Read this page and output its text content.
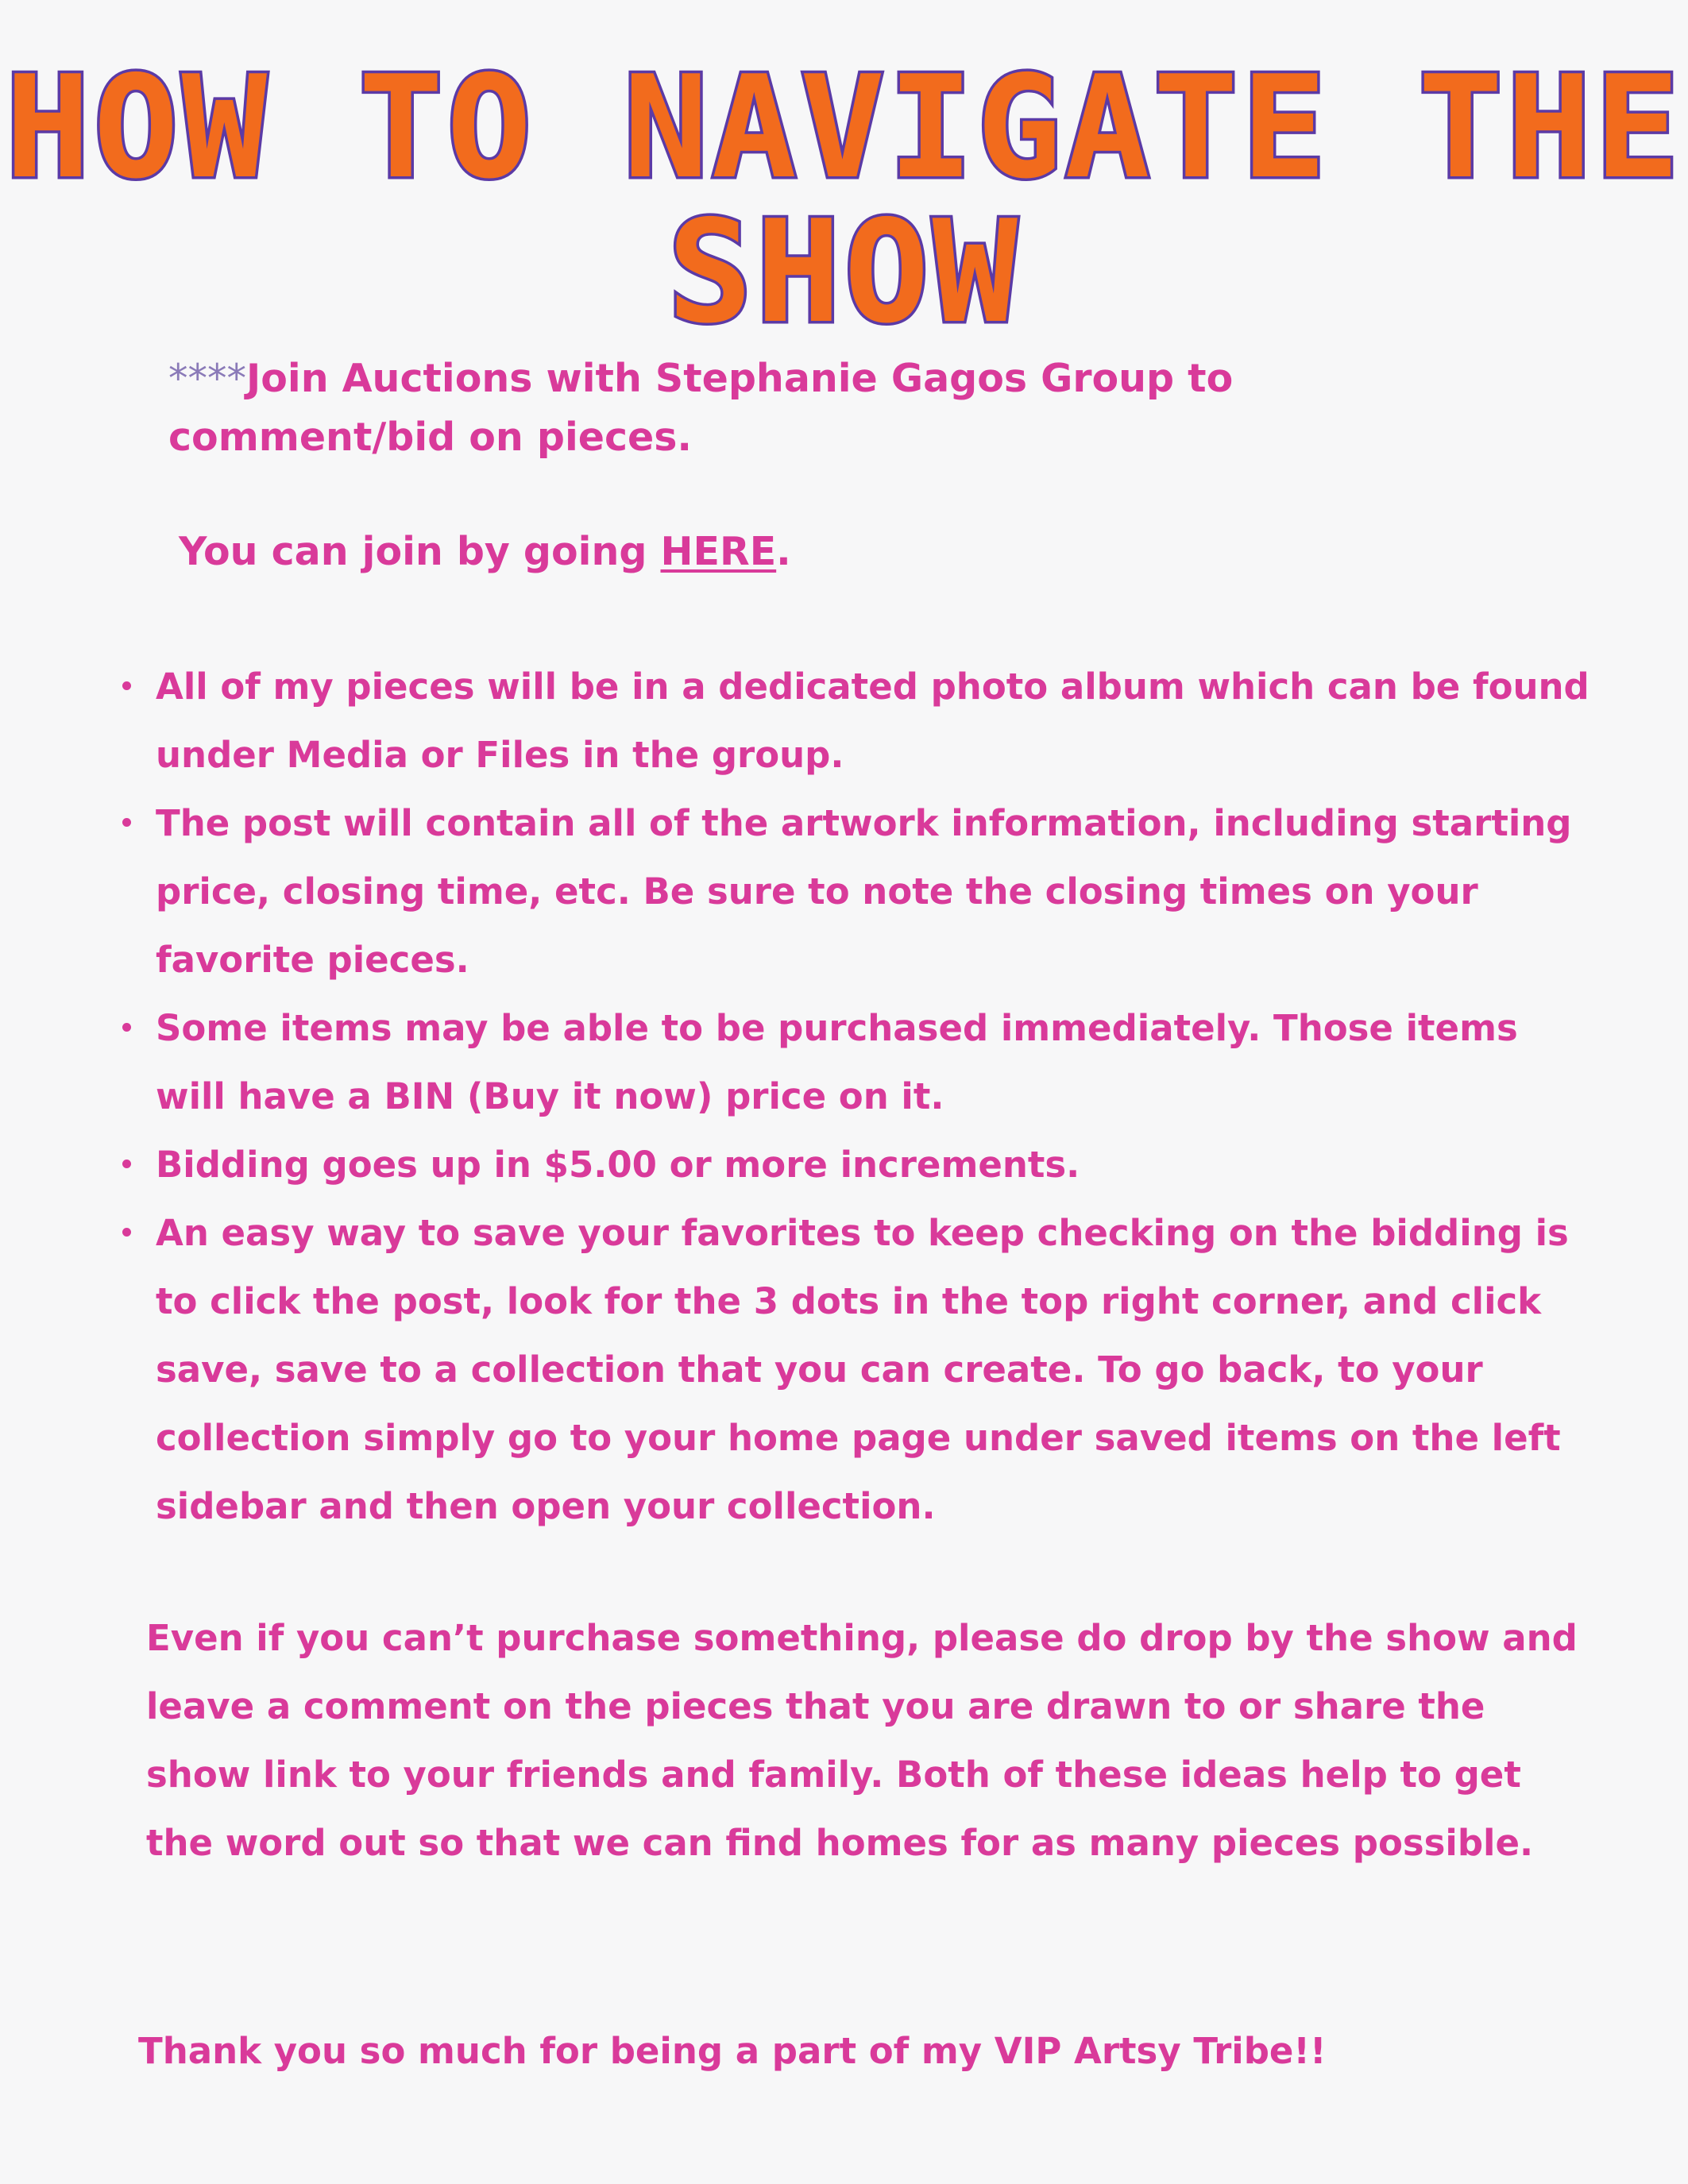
HOW TO NAVIGATE THE
SHOW

****Join Auctions with Stephanie Gagos Group to comment/bid on pieces.

You can join by going HERE.

All of my pieces will be in a dedicated photo album which can be found under Media or Files in the group.
The post will contain all of the artwork information, including starting price, closing time, etc. Be sure to note the closing times on your favorite pieces.
Some items may be able to be purchased immediately. Those items will have a BIN (Buy it now) price on it.
Bidding goes up in $5.00 or more increments.
An easy way to save your favorites to keep checking on the bidding is to click the post, look for the 3 dots in the top right corner, and click save, save to a collection that you can create. To go back, to your collection simply go to your home page under saved items on the left sidebar and then open your collection.

Even if you can’t purchase something, please do drop by the show and leave a comment on the pieces that you are drawn to or share the show link to your friends and family. Both of these ideas help to get the word out so that we can find homes for as many pieces possible.

Thank you so much for being a part of my VIP Artsy Tribe!!
